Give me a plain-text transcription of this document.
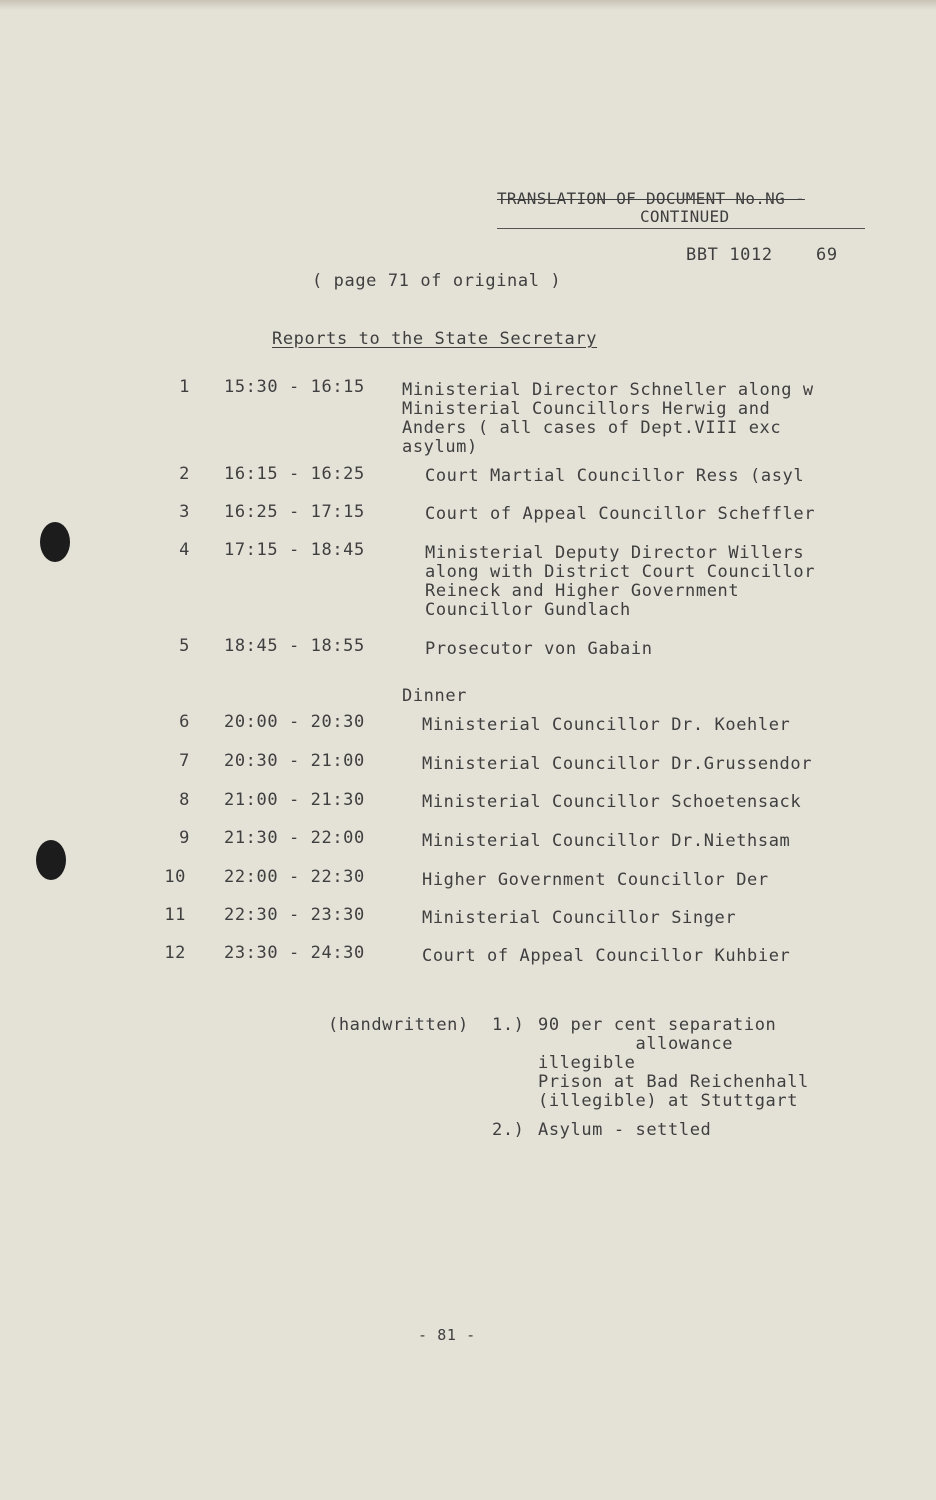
TRANSLATION OF DOCUMENT No.NG -
CONTINUED
BBT 1012    69
( page 71 of original )
Reports to the State Secretary
1 15:30 - 16:15 Ministerial Director Schneller along w
Ministerial Councillors Herwig and
Anders ( all cases of Dept.VIII exc
asylum)
2 16:15 - 16:25	Court Martial Councillor Ress (asyl
3 16:25 - 17:15	Court of Appeal Councillor Scheffler
4 17:15 - 18:45	Ministerial Deputy Director Willers
along with District Court Councillor
Reineck and Higher Government
Councillor Gundlach
5 18:45 - 18:55	Prosecutor von Gabain
Dinner
6 20:00 - 20:30	Ministerial Councillor Dr. Koehler
7 20:30 - 21:00	Ministerial Councillor Dr.Grussendor
8 21:00 - 21:30	Ministerial Councillor Schoetensack
9 21:30 - 22:00	Ministerial Councillor Dr.Niethsam
10 22:00 - 22:30	Higher Government Councillor Der
11 22:30 - 23:30	Ministerial Councillor Singer
12 23:30 - 24:30	Court of Appeal Councillor Kuhbier
(handwritten) 1.) 90 per cent separation
allowance
illegible
Prison at Bad Reichenhall
(illegible) at Stuttgart
2.) Asylum - settled
- 81 -
